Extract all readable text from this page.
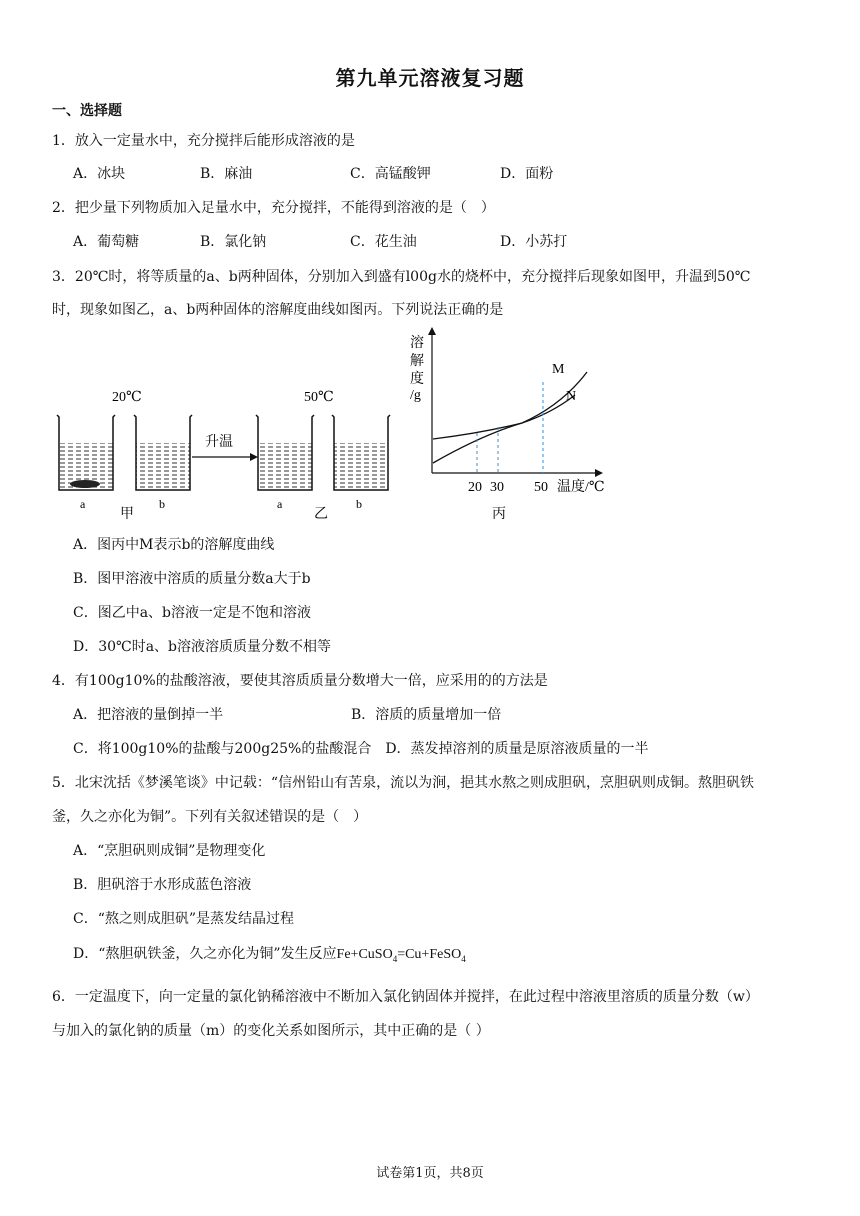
第九单元溶液复习题
一、选择题
1．放入一定量水中，充分搅拌后能形成溶液的是
A．冰块	B．麻油	C．高锰酸钾	D．面粉
2．把少量下列物质加入足量水中，充分搅拌，不能得到溶液的是（　）
A．葡萄糖	B．氯化钠	C．花生油	D．小苏打
3．20℃时，将等质量的a、b两种固体，分别加入到盛有l00g水的烧杯中，充分搅拌后现象如图甲，升温到50℃
时，现象如图乙，a、b两种固体的溶解度曲线如图丙。下列说法正确的是
20℃	50℃
a	b
甲
升温
a	b
乙
溶
解
度
/g
M
N
20 30 50 温度/℃
丙
A．图丙中M表示b的溶解度曲线
B．图甲溶液中溶质的质量分数a大于b
C．图乙中a、b溶液一定是不饱和溶液
D．30℃时a、b溶液溶质质量分数不相等
4．有100g10%的盐酸溶液，要使其溶质质量分数增大一倍，应采用的的方法是
A．把溶液的量倒掉一半	B．溶质的质量增加一倍
C．将100g10%的盐酸与200g25%的盐酸混合　D．蒸发掉溶剂的质量是原溶液质量的一半
5．北宋沈括《梦溪笔谈》中记载：“信州铅山有苦泉，流以为涧，挹其水熬之则成胆矾，烹胆矾则成铜。熬胆矾铁
釜，久之亦化为铜”。下列有关叙述错误的是（　）
A．“烹胆矾则成铜”是物理变化
B．胆矾溶于水形成蓝色溶液
C．“熬之则成胆矾”是蒸发结晶过程
D．“熬胆矾铁釜，久之亦化为铜”发生反应Fe+CuSO$_4$=Cu+FeSO$_4$
6．一定温度下，向一定量的氯化钠稀溶液中不断加入氯化钠固体并搅拌，在此过程中溶液里溶质的质量分数（w）
与加入的氯化钠的质量（m）的变化关系如图所示，其中正确的是（ ）
试卷第1页，共8页
